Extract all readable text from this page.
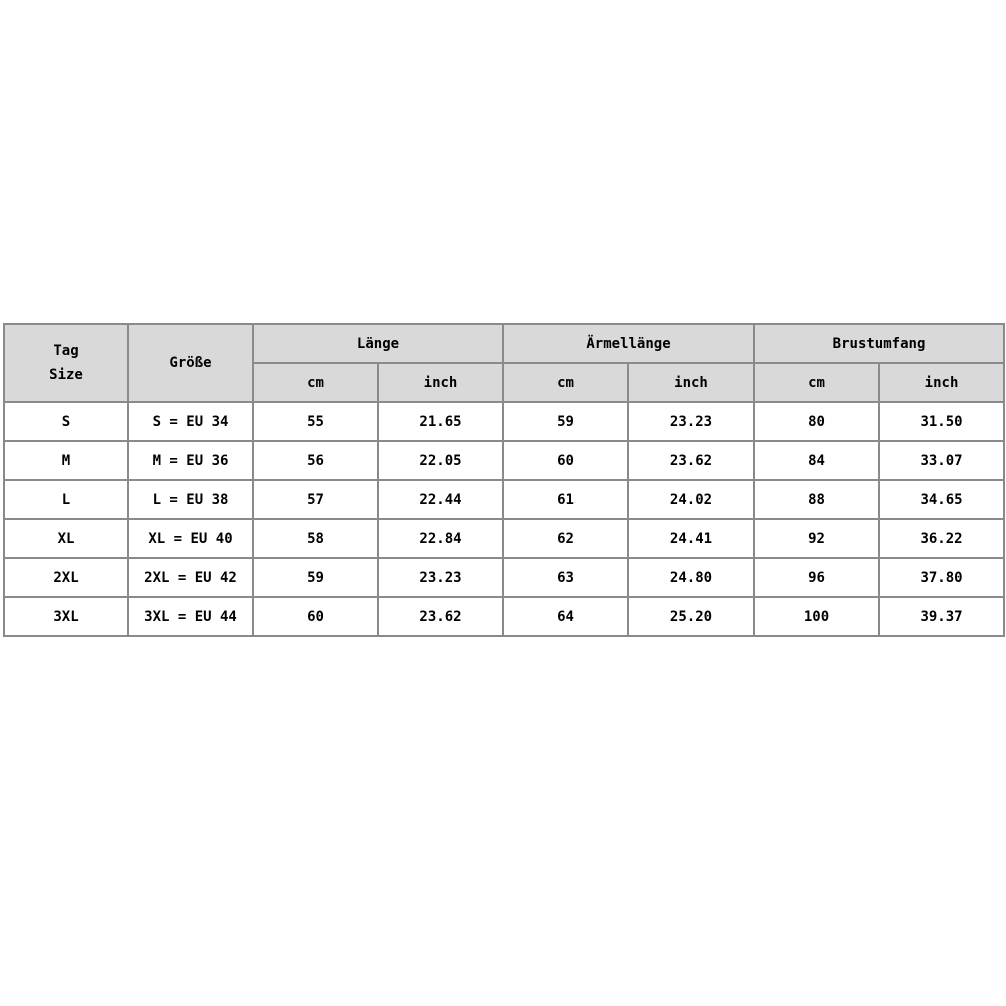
Tag
Size	Größe	Länge		Ärmellänge		Brustumfang	
		cm	inch	cm	inch	cm	inch
S	S = EU 34	55	21.65	59	23.23	80	31.50
M	M = EU 36	56	22.05	60	23.62	84	33.07
L	L = EU 38	57	22.44	61	24.02	88	34.65
XL	XL = EU 40	58	22.84	62	24.41	92	36.22
2XL	2XL = EU 42	59	23.23	63	24.80	96	37.80
3XL	3XL = EU 44	60	23.62	64	25.20	100	39.37
